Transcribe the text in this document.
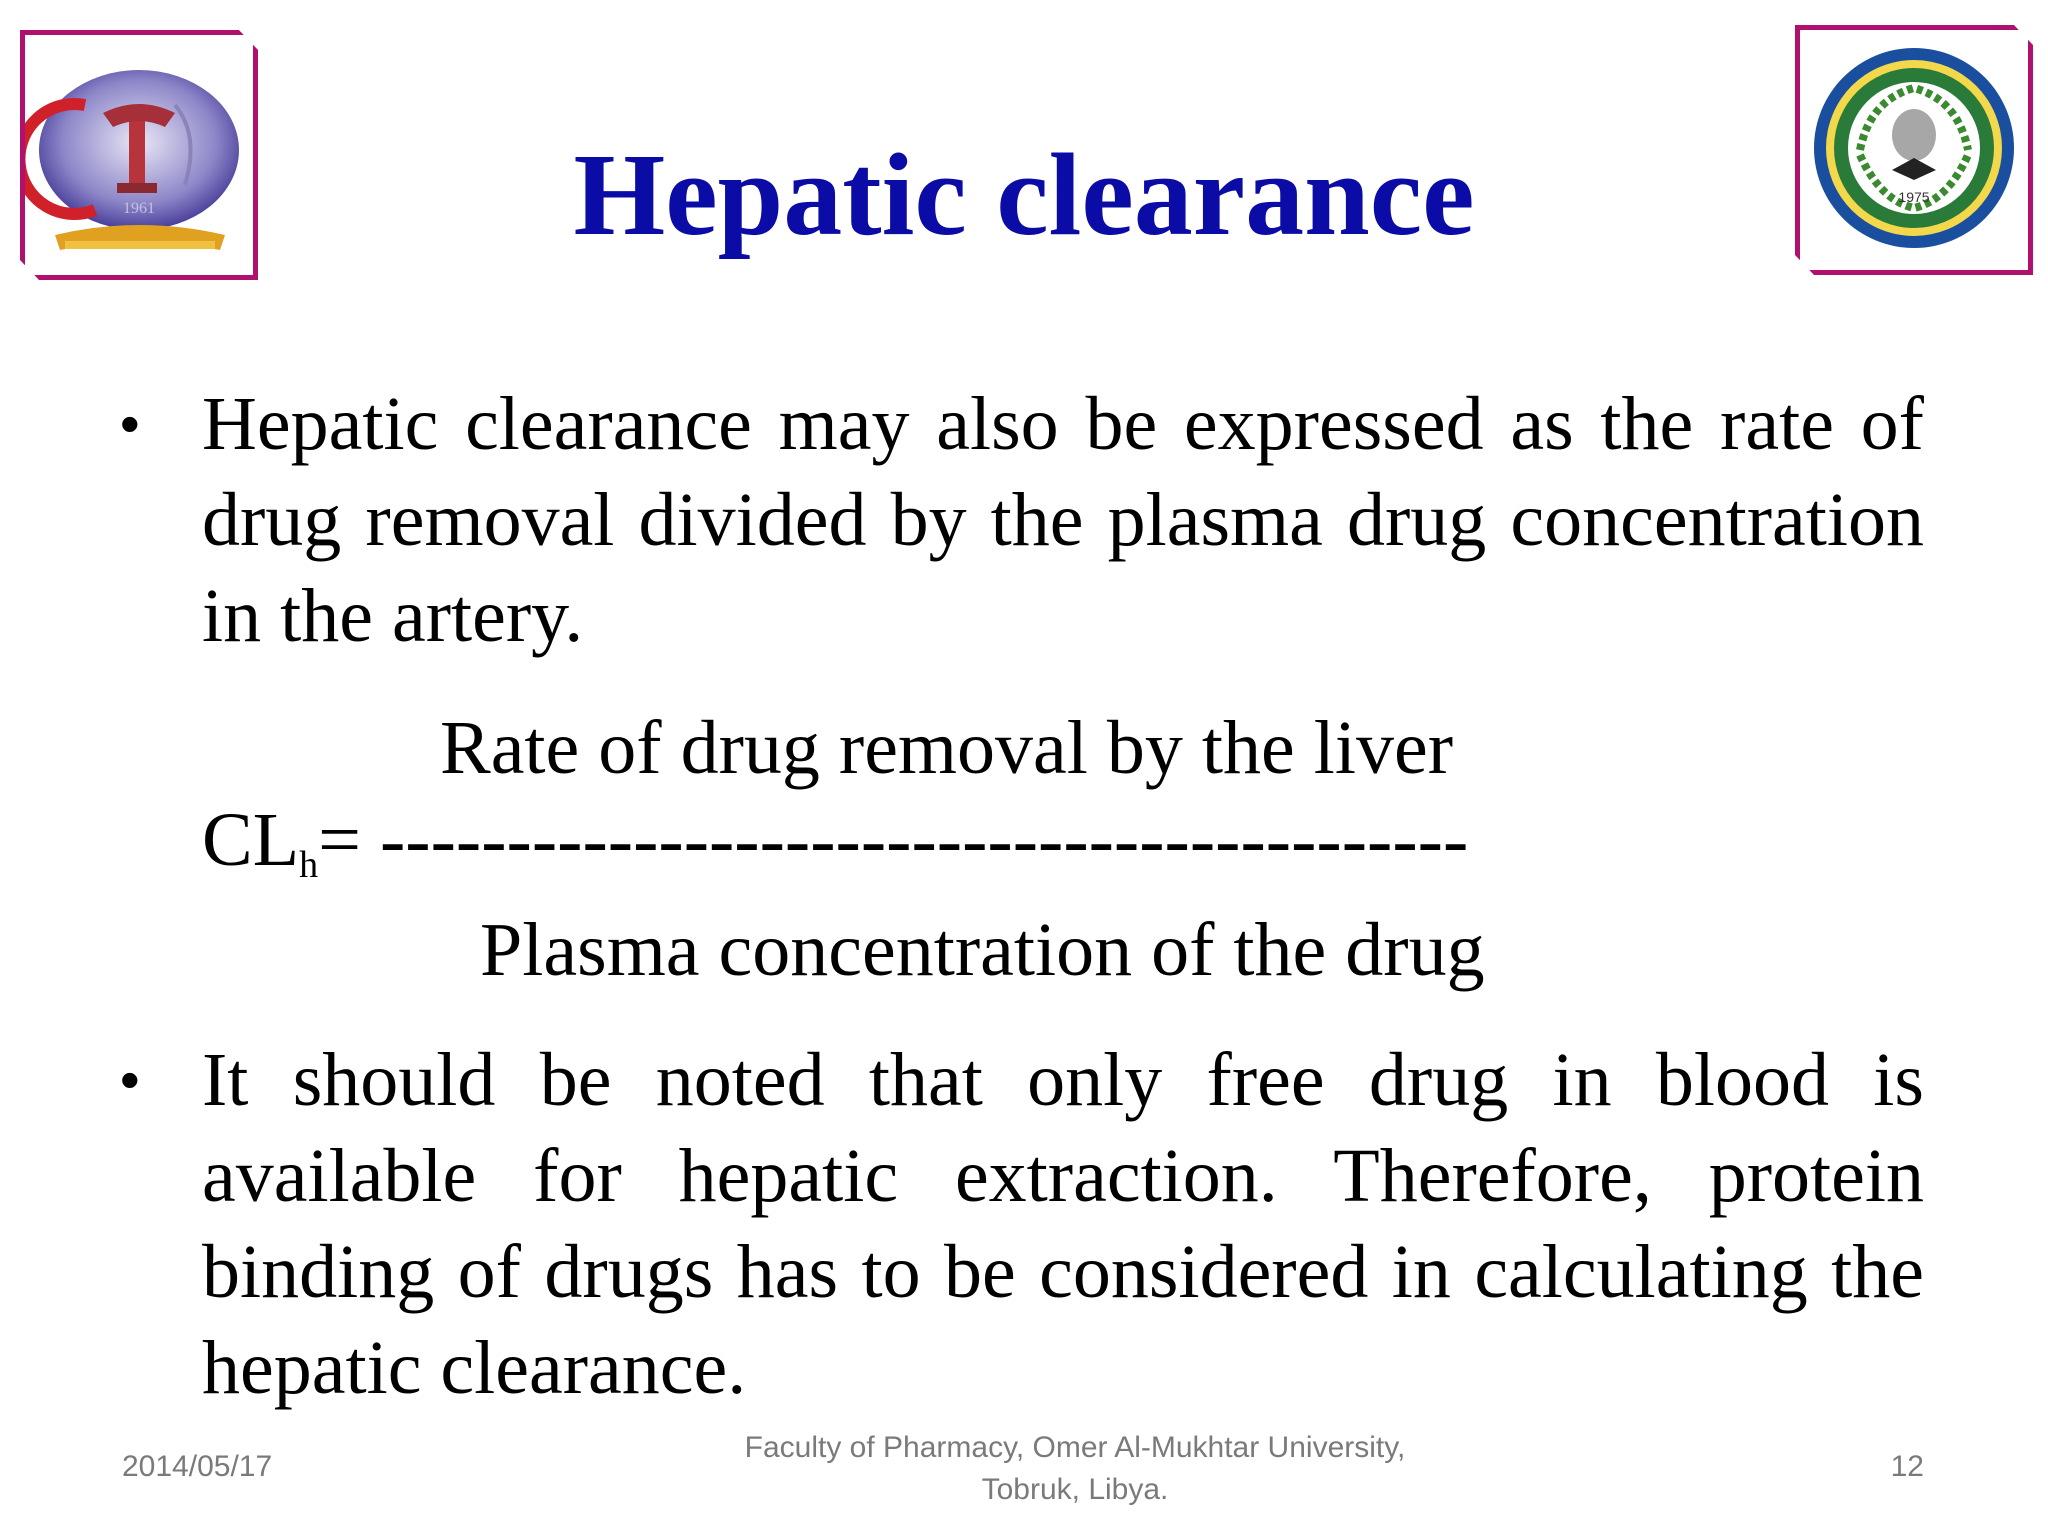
1961
1975
Hepatic clearance
• Hepatic clearance may also be expressed as the rate of drug removal divided by the plasma drug concentration in the artery.
Rate of drug removal by the liver
$CL_h=$ -------------------------------------------
Plasma concentration of the drug
• It should be noted that only free drug in blood is available for hepatic extraction. Therefore, protein binding of drugs has to be considered in calculating the hepatic clearance.
2014/05/17
Faculty of Pharmacy, Omer Al-Mukhtar University,
Tobruk, Libya.
12
